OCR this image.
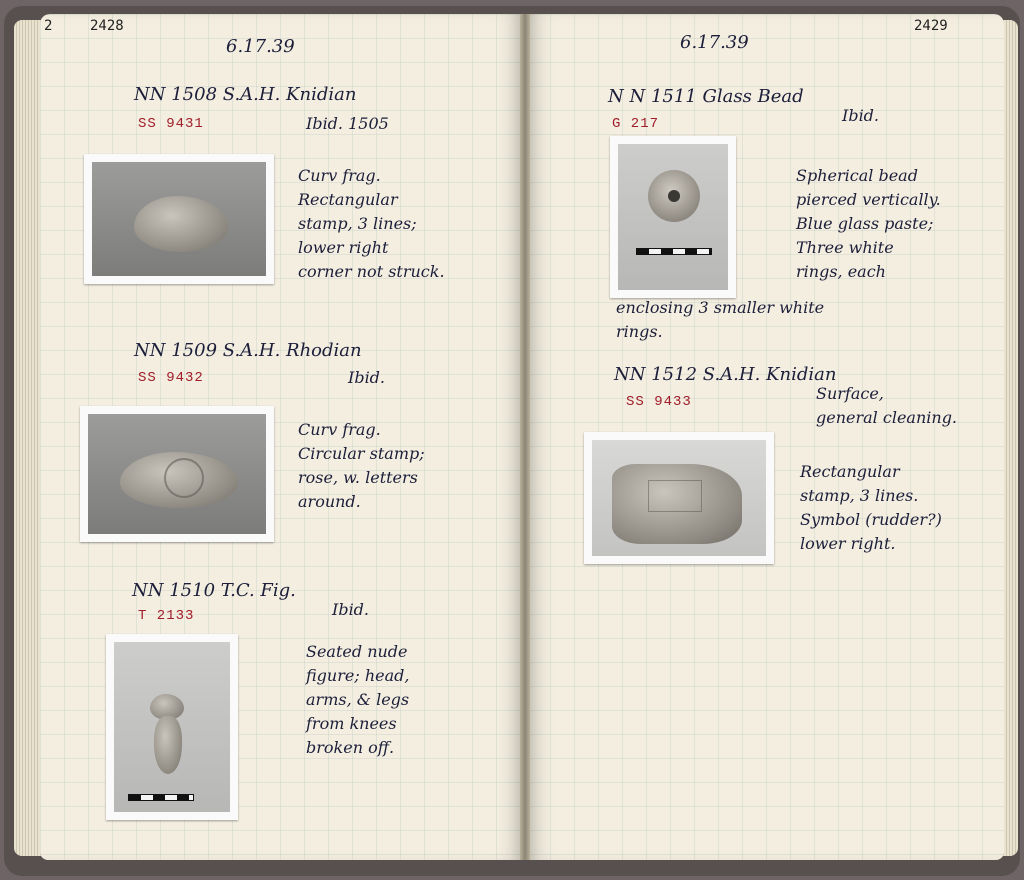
2	2428
6.17.39
NN 1508 S.A.H. Knidian
SS 9431	Ibid. 1505
Curv frag.
Rectangular
stamp, 3 lines;
lower right
corner not struck.
NN 1509 S.A.H. Rhodian
SS 9432	Ibid.
Curv frag.
Circular stamp;
rose, w. letters
around.
NN 1510 T.C. Fig.
T 2133	Ibid.
Seated nude
figure; head,
arms, & legs
from knees
broken off.
2429
6.17.39
N N 1511 Glass Bead
G 217	Ibid.
Spherical bead
pierced vertically.
Blue glass paste;
Three white
rings, each
enclosing 3 smaller white
rings.
NN 1512 S.A.H. Knidian
SS 9433	Surface,
general cleaning.
Rectangular
stamp, 3 lines.
Symbol (rudder?)
lower right.
